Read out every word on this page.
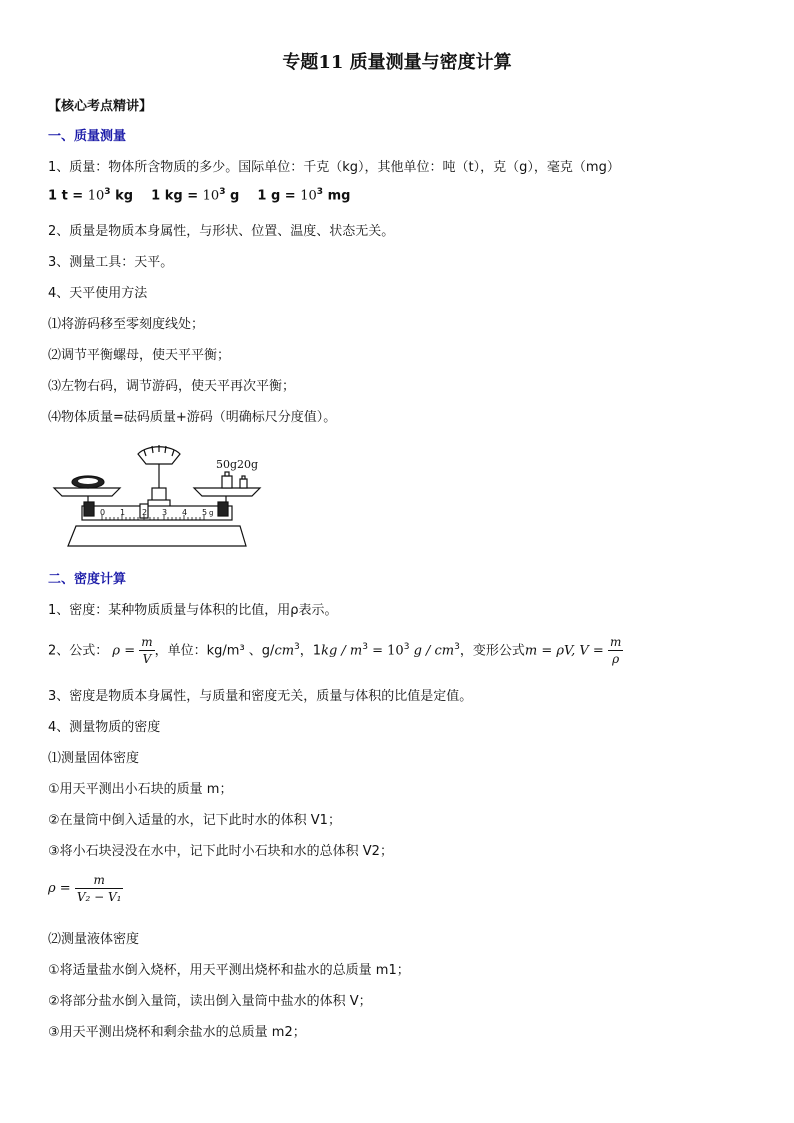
专题11 质量测量与密度计算
【核心考点精讲】
一、质量测量
1、质量：物体所含物质的多少。国际单位：千克（kg），其他单位：吨（t），克（g），毫克（mg）
1 $t = 10^3$ kg 1 kg = $10^3$ g 1 $g = 10^3$ mg
2、质量是物质本身属性，与形状、位置、温度、状态无关。
3、测量工具：天平。
4、天平使用方法
⑴将游码移至零刻度线处；
⑵调节平衡螺母，使天平平衡；
⑶左物右码，调节游码，使天平再次平衡；
⑷物体质量=砝码质量+游码（明确标尺分度值）。
0 1 2 3 4 5 g
50g20g
二、密度计算
1、密度：某种物质质量与体积的比值，用ρ表示。
2、公式： $\rho = \frac{m}{V}$ ，单位：kg/m³ 、$g/cm^3$，$1kg / m^3 = 10^3$ g / $cm^3$，变形公式m = ρV, $V = \frac{m}{\rho}$
3、密度是物质本身属性，与质量和密度无关，质量与体积的比值是定值。
4、测量物质的密度
⑴测量固体密度
①用天平测出小石块的质量 m；
②在量筒中倒入适量的水，记下此时水的体积 V1；
③将小石块浸没在水中，记下此时小石块和水的总体积 V2；
$\rho = \frac{m}{\text{V₂ − V₁}}$
⑵测量液体密度
①将适量盐水倒入烧杯，用天平测出烧杯和盐水的总质量 m1；
②将部分盐水倒入量筒，读出倒入量筒中盐水的体积 V；
③用天平测出烧杯和剩余盐水的总质量 m2；
